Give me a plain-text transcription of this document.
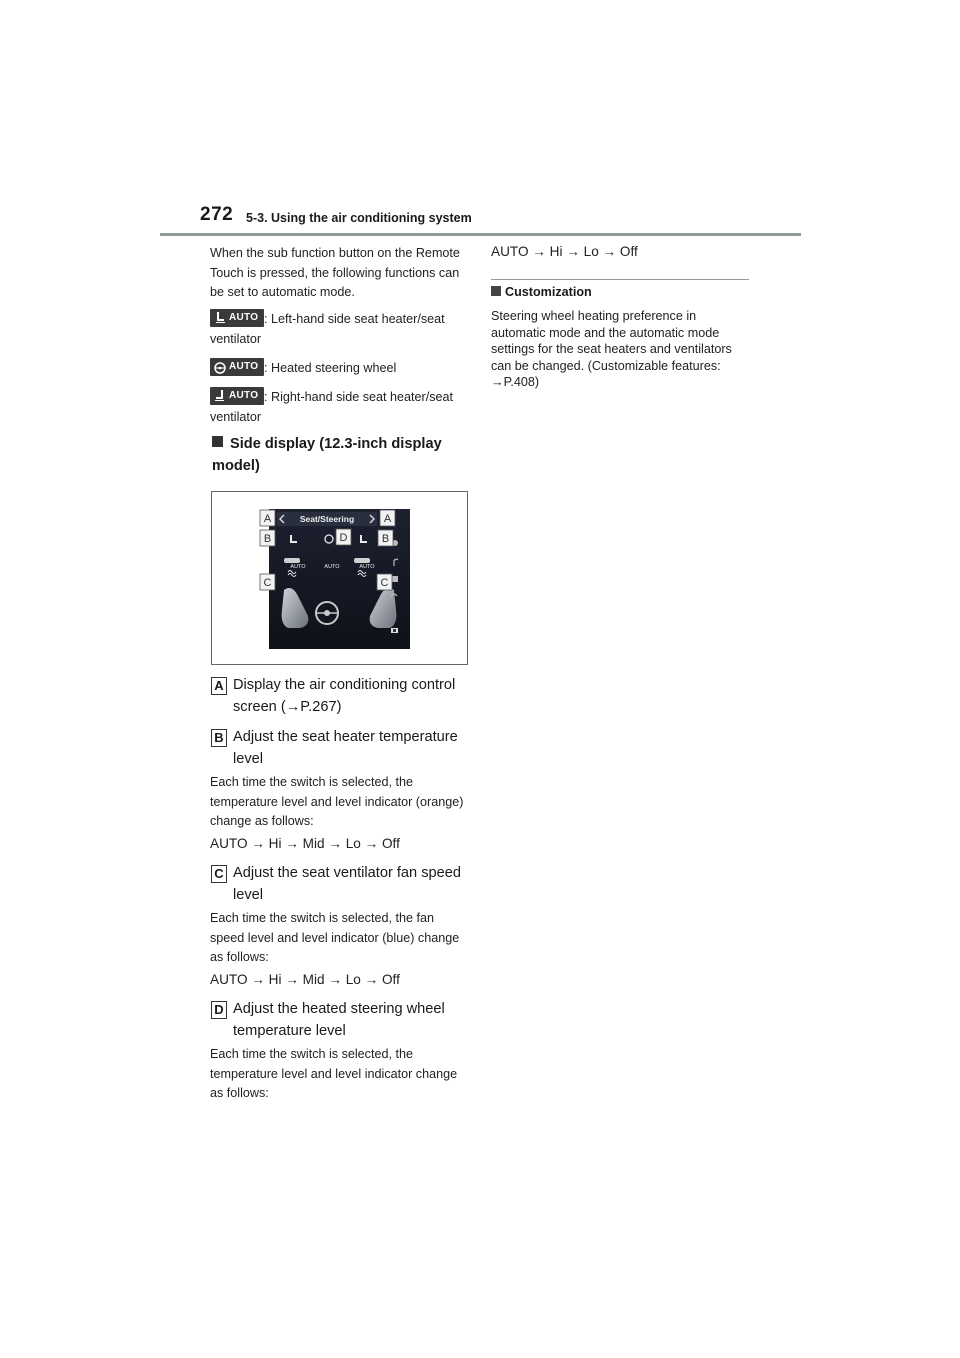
272 5-3. Using the air conditioning system
When the sub function button on the Remote Touch is pressed, the following functions can be set to automatic mode.
AUTO : Left-hand side seat heater/seat ventilator
AUTO : Heated steering wheel
AUTO : Right-hand side seat heater/seat ventilator
Side display (12.3-inch display model)
A	A
B	B
C	C
D
Seat/Steering
AUTO	AUTO	AUTO
A Display the air conditioning control screen (→P.267)
B Adjust the seat heater temperature level
Each time the switch is selected, the temperature level and level indicator (orange) change as follows:
AUTO → Hi → Mid → Lo → Off
C Adjust the seat ventilator fan speed level
Each time the switch is selected, the fan speed level and level indicator (blue) change as follows:
AUTO → Hi → Mid → Lo → Off
D Adjust the heated steering wheel temperature level
Each time the switch is selected, the temperature level and level indicator change as follows:
AUTO → Hi → Lo → Off
Customization
Steering wheel heating preference in automatic mode and the automatic mode settings for the seat heaters and ventilators can be changed. (Customizable features: →P.408)
